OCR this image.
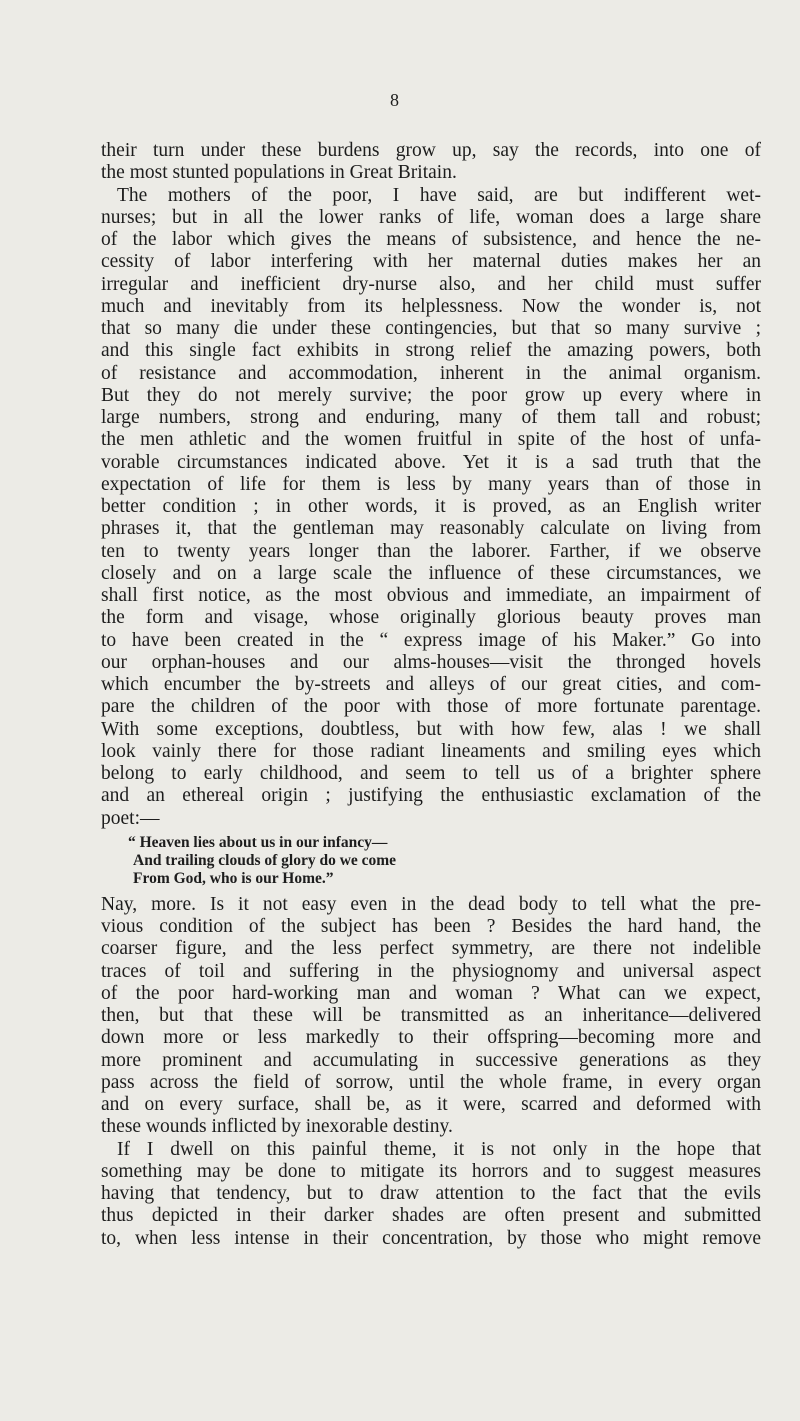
8
their turn under these burdens grow up, say the records, into one of
the most stunted populations in Great Britain.
The mothers of the poor, I have said, are but indifferent wet-
nurses; but in all the lower ranks of life, woman does a large share
of the labor which gives the means of subsistence, and hence the ne-
cessity of labor interfering with her maternal duties makes her an
irregular and inefficient dry-nurse also, and her child must suffer
much and inevitably from its helplessness. Now the wonder is, not
that so many die under these contingencies, but that so many survive ;
and this single fact exhibits in strong relief the amazing powers, both
of resistance and accommodation, inherent in the animal organism.
But they do not merely survive; the poor grow up every where in
large numbers, strong and enduring, many of them tall and robust;
the men athletic and the women fruitful in spite of the host of unfa-
vorable circumstances indicated above. Yet it is a sad truth that the
expectation of life for them is less by many years than of those in
better condition ; in other words, it is proved, as an English writer
phrases it, that the gentleman may reasonably calculate on living from
ten to twenty years longer than the laborer. Farther, if we observe
closely and on a large scale the influence of these circumstances, we
shall first notice, as the most obvious and immediate, an impairment of
the form and visage, whose originally glorious beauty proves man
to have been created in the “ express image of his Maker.” Go into
our orphan-houses and our alms-houses—visit the thronged hovels
which encumber the by-streets and alleys of our great cities, and com-
pare the children of the poor with those of more fortunate parentage.
With some exceptions, doubtless, but with how few, alas ! we shall
look vainly there for those radiant lineaments and smiling eyes which
belong to early childhood, and seem to tell us of a brighter sphere
and an ethereal origin ; justifying the enthusiastic exclamation of the
poet:—
“ Heaven lies about us in our infancy—
And trailing clouds of glory do we come
From God, who is our Home.”
Nay, more. Is it not easy even in the dead body to tell what the pre-
vious condition of the subject has been ? Besides the hard hand, the
coarser figure, and the less perfect symmetry, are there not indelible
traces of toil and suffering in the physiognomy and universal aspect
of the poor hard-working man and woman ? What can we expect,
then, but that these will be transmitted as an inheritance—delivered
down more or less markedly to their offspring—becoming more and
more prominent and accumulating in successive generations as they
pass across the field of sorrow, until the whole frame, in every organ
and on every surface, shall be, as it were, scarred and deformed with
these wounds inflicted by inexorable destiny.
If I dwell on this painful theme, it is not only in the hope that
something may be done to mitigate its horrors and to suggest measures
having that tendency, but to draw attention to the fact that the evils
thus depicted in their darker shades are often present and submitted
to, when less intense in their concentration, by those who might remove
